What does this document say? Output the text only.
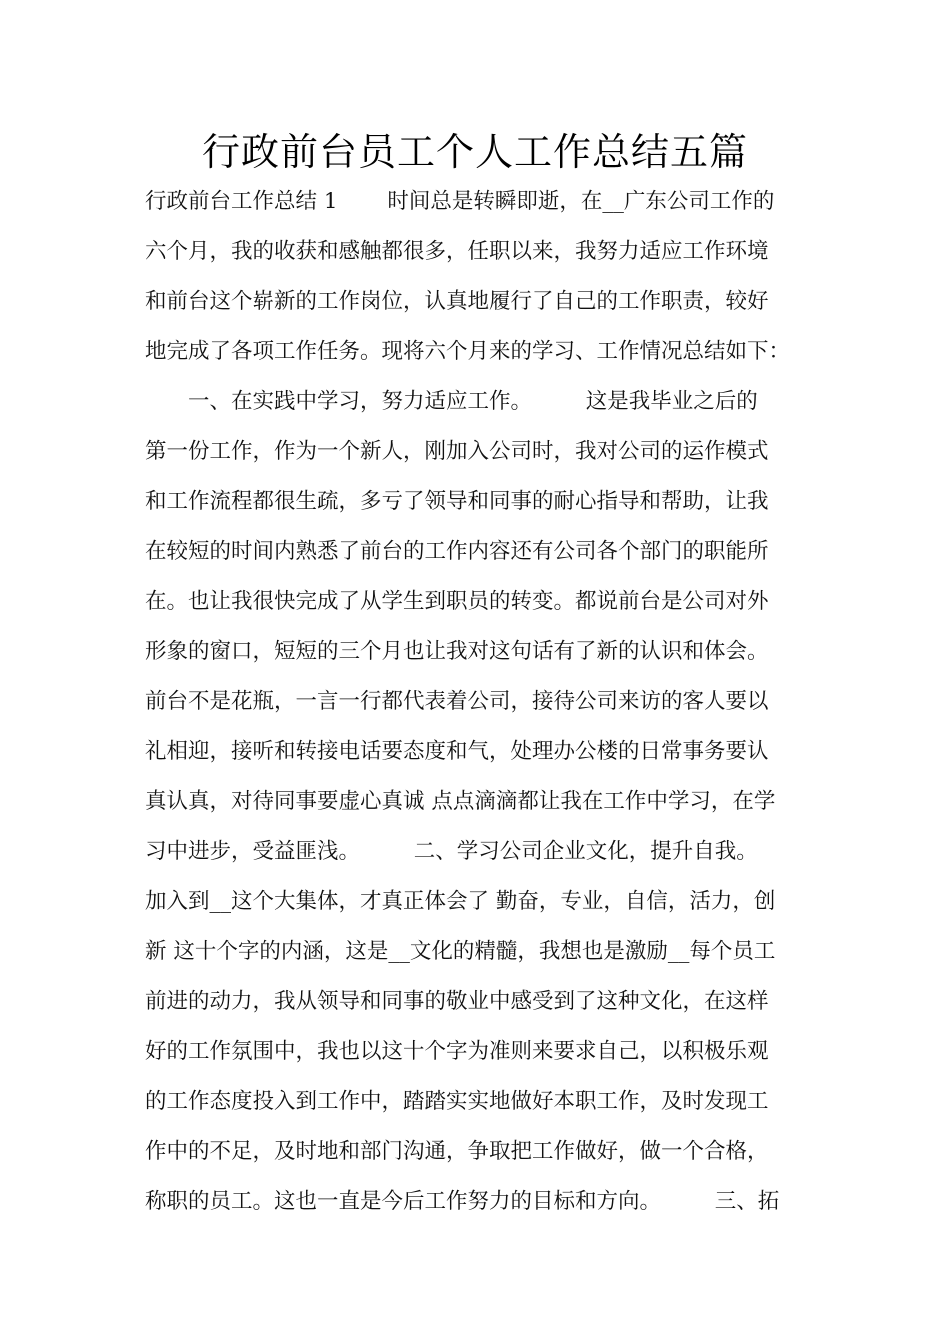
行政前台员工个人工作总结五篇
行政前台工作总结 1 　　时间总是转瞬即逝，在__广东公司工作的
六个月，我的收获和感触都很多，任职以来，我努力适应工作环境
和前台这个崭新的工作岗位，认真地履行了自己的工作职责，较好
地完成了各项工作任务。现将六个月来的学习、工作情况总结如下：
　　一、在实践中学习，努力适应工作。　　　这是我毕业之后的
第一份工作，作为一个新人，刚加入公司时，我对公司的运作模式
和工作流程都很生疏，多亏了领导和同事的耐心指导和帮助，让我
在较短的时间内熟悉了前台的工作内容还有公司各个部门的职能所
在。也让我很快完成了从学生到职员的转变。都说前台是公司对外
形象的窗口，短短的三个月也让我对这句话有了新的认识和体会。
前台不是花瓶，一言一行都代表着公司，接待公司来访的客人要以
礼相迎，接听和转接电话要态度和气，处理办公楼的日常事务要认
真认真，对待同事要虚心真诚 点点滴滴都让我在工作中学习，在学
习中进步，受益匪浅。　　　二、学习公司企业文化，提升自我。
加入到__这个大集体，才真正体会了 勤奋，专业，自信，活力，创
新 这十个字的内涵，这是__文化的精髓，我想也是激励__每个员工
前进的动力，我从领导和同事的敬业中感受到了这种文化，在这样
好的工作氛围中，我也以这十个字为准则来要求自己，以积极乐观
的工作态度投入到工作中，踏踏实实地做好本职工作，及时发现工
作中的不足，及时地和部门沟通，争取把工作做好，做一个合格，
称职的员工。这也一直是今后工作努力的目标和方向。　　　三、拓
